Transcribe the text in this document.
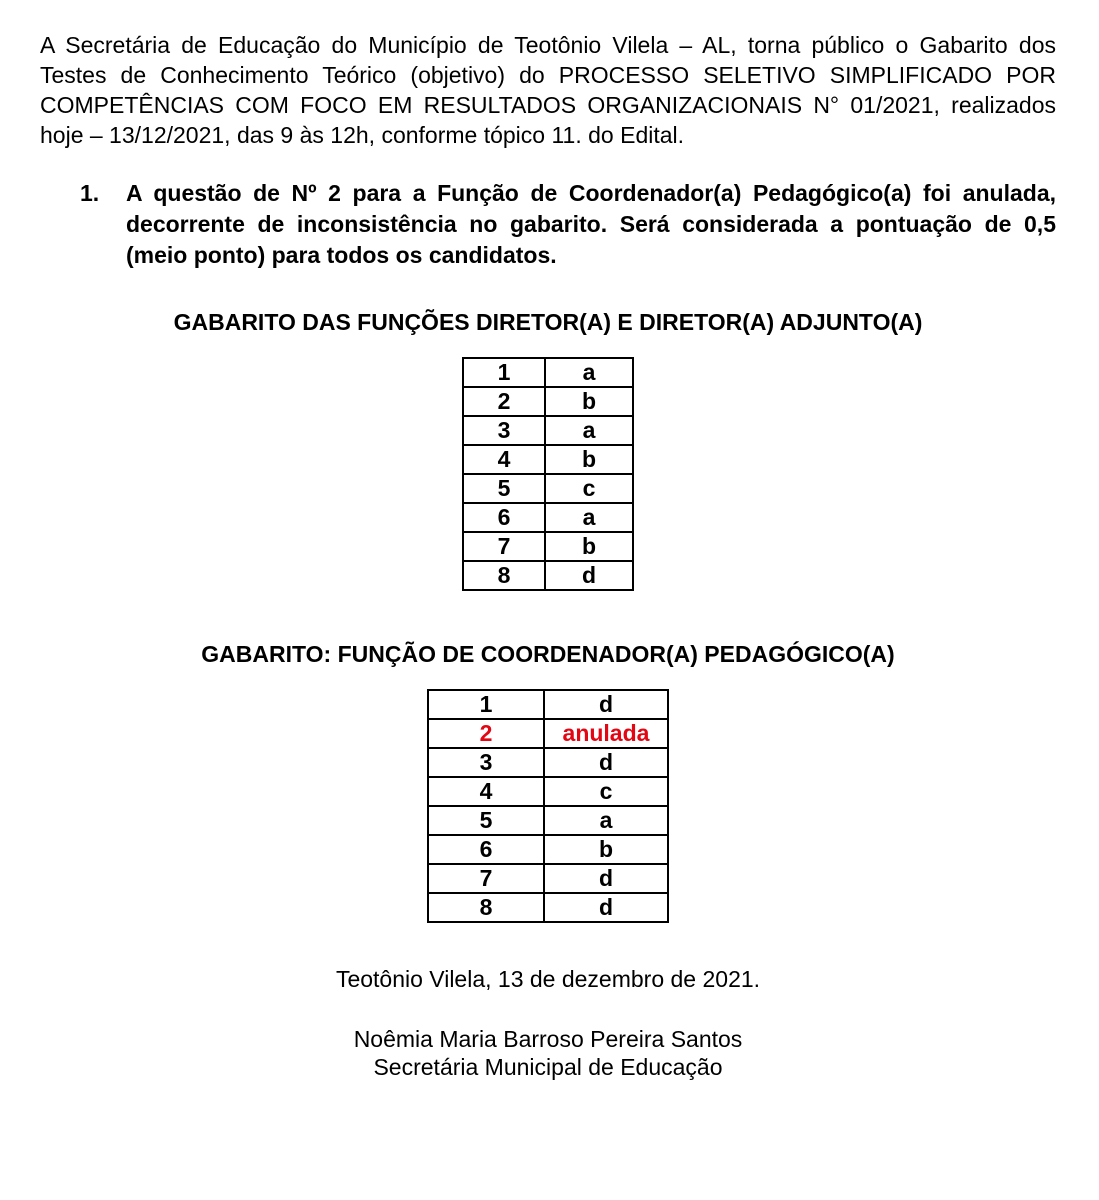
A Secretária de Educação do Município de Teotônio Vilela – AL, torna público o Gabarito dos Testes de Conhecimento Teórico (objetivo) do PROCESSO SELETIVO SIMPLIFICADO POR COMPETÊNCIAS COM FOCO EM RESULTADOS ORGANIZACIONAIS N° 01/2021, realizados hoje – 13/12/2021, das 9 às 12h, conforme tópico 11. do Edital.

1.	A questão de Nº 2 para a Função de Coordenador(a) Pedagógico(a) foi anulada, decorrente de inconsistência no gabarito. Será considerada a pontuação de 0,5 (meio ponto) para todos os candidatos.

GABARITO DAS FUNÇÕES DIRETOR(A) E DIRETOR(A) ADJUNTO(A)

1	a
2	b
3	a
4	b
5	c
6	a
7	b
8	d

GABARITO: FUNÇÃO DE COORDENADOR(A) PEDAGÓGICO(A)

1	d
2	anulada
3	d
4	c
5	a
6	b
7	d
8	d

Teotônio Vilela, 13 de dezembro de 2021.

Noêmia Maria Barroso Pereira Santos

Secretária Municipal de Educação
